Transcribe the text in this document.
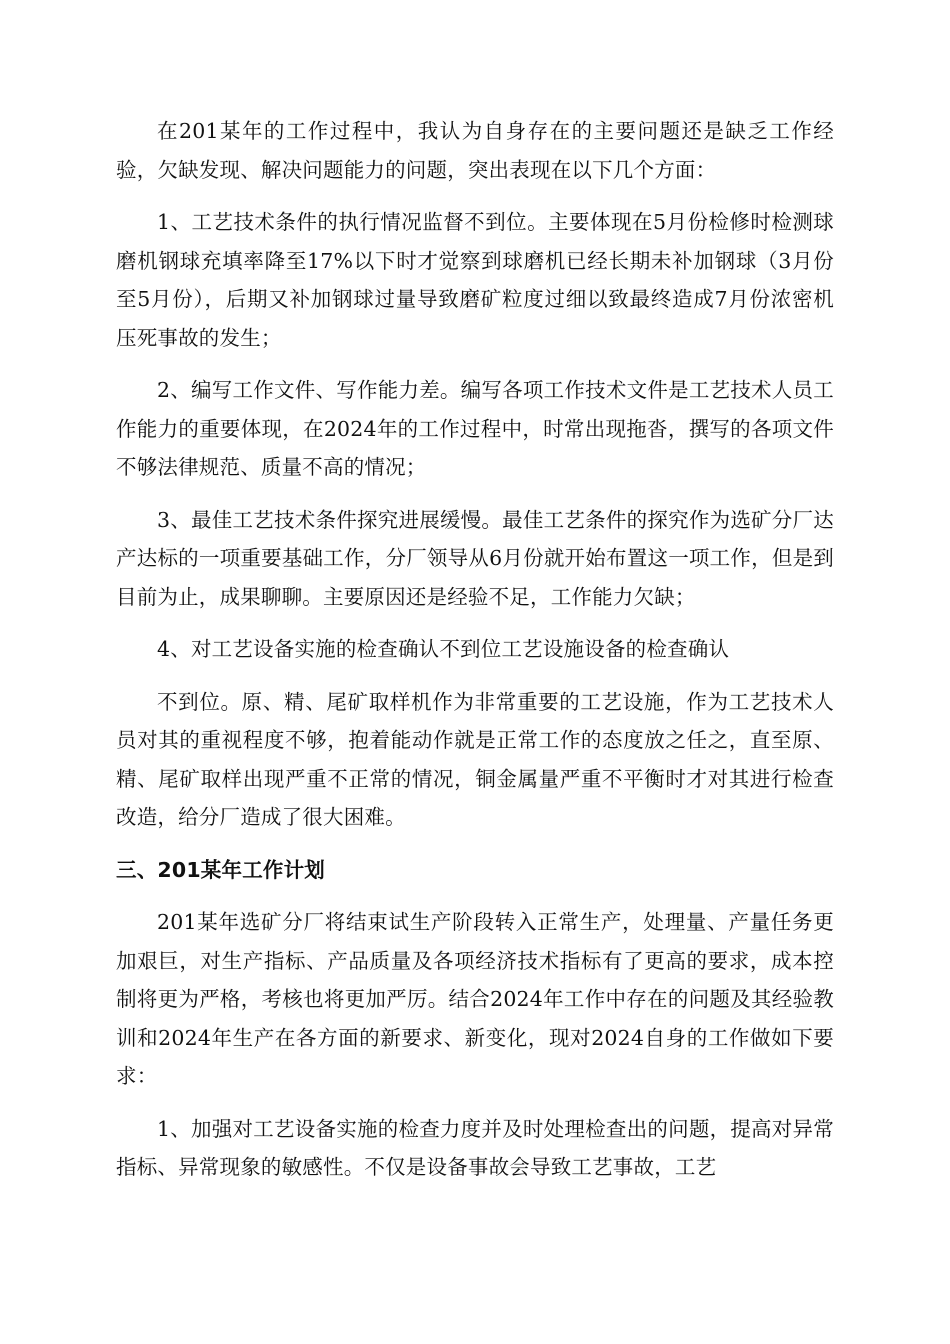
在201某年的工作过程中，我认为自身存在的主要问题还是缺乏工作经验，欠缺发现、解决问题能力的问题，突出表现在以下几个方面：

1、工艺技术条件的执行情况监督不到位。主要体现在5月份检修时检测球磨机钢球充填率降至17%以下时才觉察到球磨机已经长期未补加钢球（3月份至5月份），后期又补加钢球过量导致磨矿粒度过细以致最终造成7月份浓密机压死事故的发生；

2、编写工作文件、写作能力差。编写各项工作技术文件是工艺技术人员工作能力的重要体现，在2024年的工作过程中，时常出现拖沓，撰写的各项文件不够法律规范、质量不高的情况；

3、最佳工艺技术条件探究进展缓慢。最佳工艺条件的探究作为选矿分厂达产达标的一项重要基础工作，分厂领导从6月份就开始布置这一项工作，但是到目前为止，成果聊聊。主要原因还是经验不足，工作能力欠缺；

4、对工艺设备实施的检查确认不到位工艺设施设备的检查确认

不到位。原、精、尾矿取样机作为非常重要的工艺设施，作为工艺技术人员对其的重视程度不够，抱着能动作就是正常工作的态度放之任之，直至原、精、尾矿取样出现严重不正常的情况，铜金属量严重不平衡时才对其进行检查改造，给分厂造成了很大困难。

三、201某年工作计划

201某年选矿分厂将结束试生产阶段转入正常生产，处理量、产量任务更加艰巨，对生产指标、产品质量及各项经济技术指标有了更高的要求，成本控制将更为严格，考核也将更加严厉。结合2024年工作中存在的问题及其经验教训和2024年生产在各方面的新要求、新变化，现对2024自身的工作做如下要求：

1、加强对工艺设备实施的检查力度并及时处理检查出的问题，提高对异常指标、异常现象的敏感性。不仅是设备事故会导致工艺事故，工艺
